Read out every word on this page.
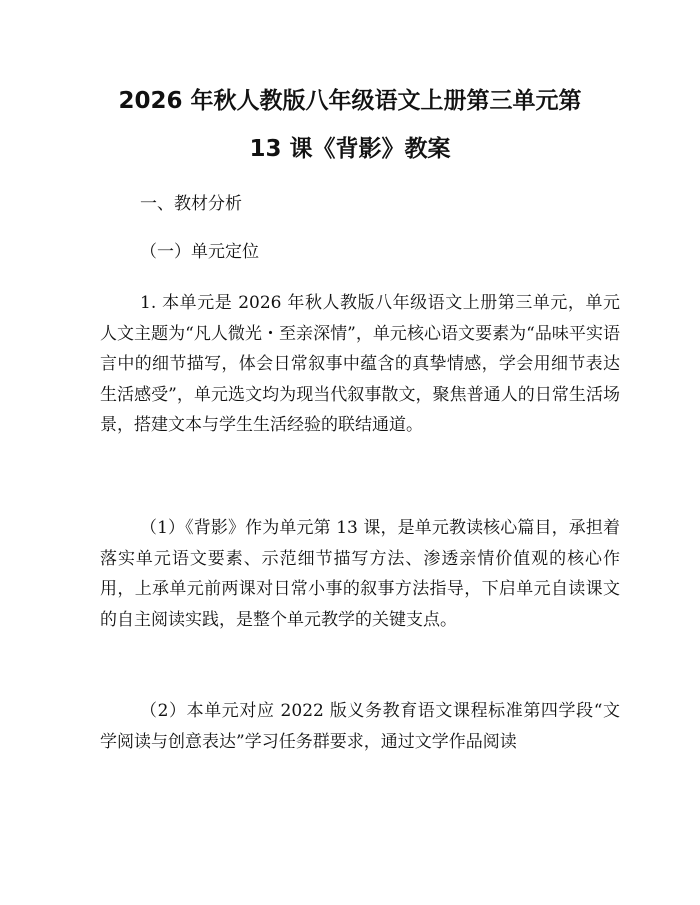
2026 年秋人教版八年级语文上册第三单元第
13 课《背影》教案
一、教材分析
（一）单元定位
1. 本单元是 2026 年秋人教版八年级语文上册第三单元，单元人文主题为“凡人微光・至亲深情”，单元核心语文要素为“品味平实语言中的细节描写，体会日常叙事中蕴含的真挚情感，学会用细节表达生活感受”，单元选文均为现当代叙事散文，聚焦普通人的日常生活场景，搭建文本与学生生活经验的联结通道。
（1）《背影》作为单元第 13 课，是单元教读核心篇目，承担着落实单元语文要素、示范细节描写方法、渗透亲情价值观的核心作用，上承单元前两课对日常小事的叙事方法指导，下启单元自读课文的自主阅读实践，是整个单元教学的关键支点。
（2）本单元对应 2022 版义务教育语文课程标准第四学段“文学阅读与创意表达”学习任务群要求，通过文学作品阅读
